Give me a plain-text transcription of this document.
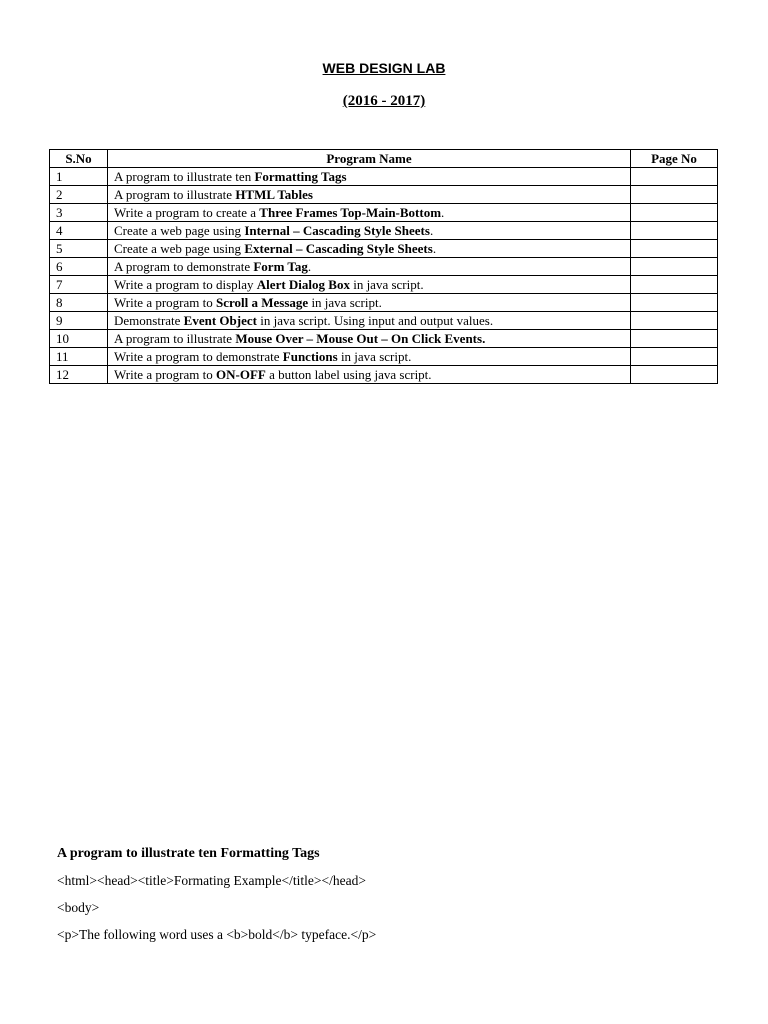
WEB DESIGN LAB
(2016 - 2017)
S.No	Program Name	Page No
1	A program to illustrate ten Formatting Tags	
2	A program to illustrate HTML Tables	
3	Write a program to create a Three Frames Top-Main-Bottom.	
4	Create a web page using Internal – Cascading Style Sheets.	
5	Create a web page using External – Cascading Style Sheets.	
6	A program to demonstrate Form Tag.	
7	Write a program to display Alert Dialog Box in java script.	
8	Write a program to Scroll a Message in java script.	
9	Demonstrate Event Object in java script. Using input and output values.	
10	A program to illustrate Mouse Over – Mouse Out – On Click Events.	
11	Write a program to demonstrate Functions in java script.	
12	Write a program to ON-OFF a button label using java script.	
A program to illustrate ten Formatting Tags
<html><head><title>Formating Example</title></head>
<body>
<p>The following word uses a <b>bold</b> typeface.</p>
